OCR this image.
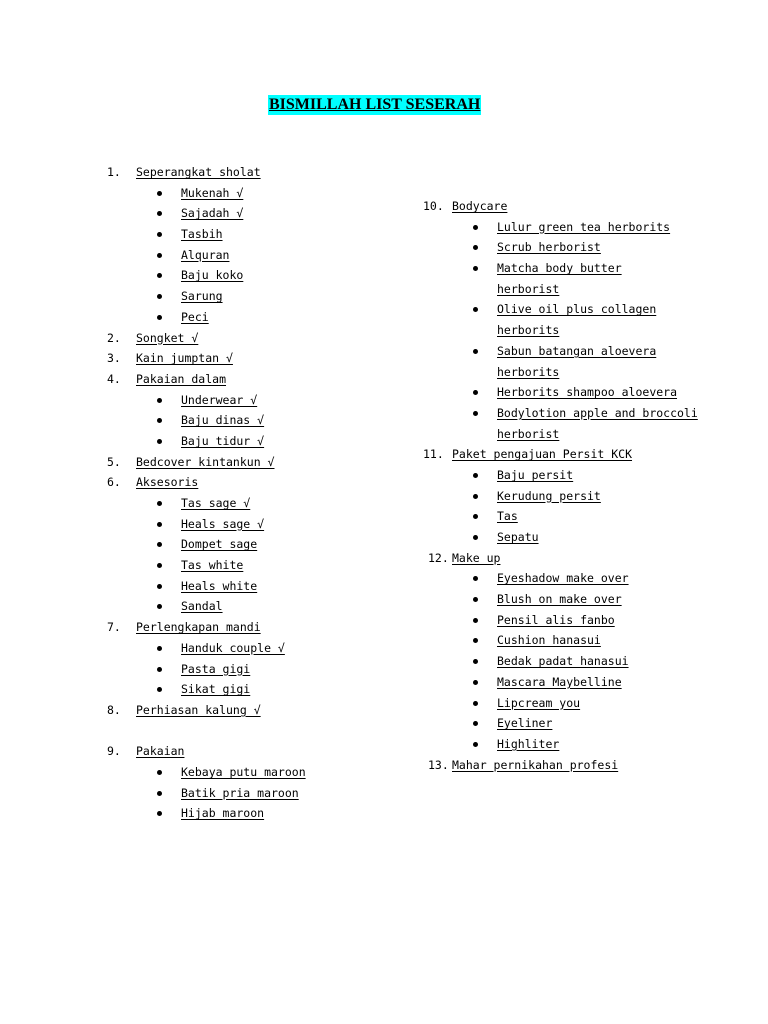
BISMILLAH LIST SESERAH
1. Seperangkat sholat
Mukenah √
Sajadah √
Tasbih
Alquran
Baju koko
Sarung
Peci
2. Songket √
3. Kain jumptan √
4. Pakaian dalam
Underwear √
Baju dinas √
Baju tidur √
5. Bedcover kintankun √
6. Aksesoris
Tas sage √
Heals sage √
Dompet sage
Tas white
Heals white
Sandal
7. Perlengkapan mandi
Handuk couple √
Pasta gigi
Sikat gigi
8. Perhiasan kalung √
9. Pakaian
Kebaya putu maroon
Batik pria maroon
Hijab maroon
10. Bodycare
Lulur green tea herborits
Scrub herborist
Matcha body butter
herborist
Olive oil plus collagen
herborits
Sabun batangan aloevera
herborits
Herborits shampoo aloevera
Bodylotion apple and broccoli
herborist
11. Paket pengajuan Persit KCK
Baju persit
Kerudung persit
Tas
Sepatu
12. Make up
Eyeshadow make over
Blush on make over
Pensil alis fanbo
Cushion hanasui
Bedak padat hanasui
Mascara Maybelline
Lipcream you
Eyeliner
Highliter
13. Mahar pernikahan profesi
